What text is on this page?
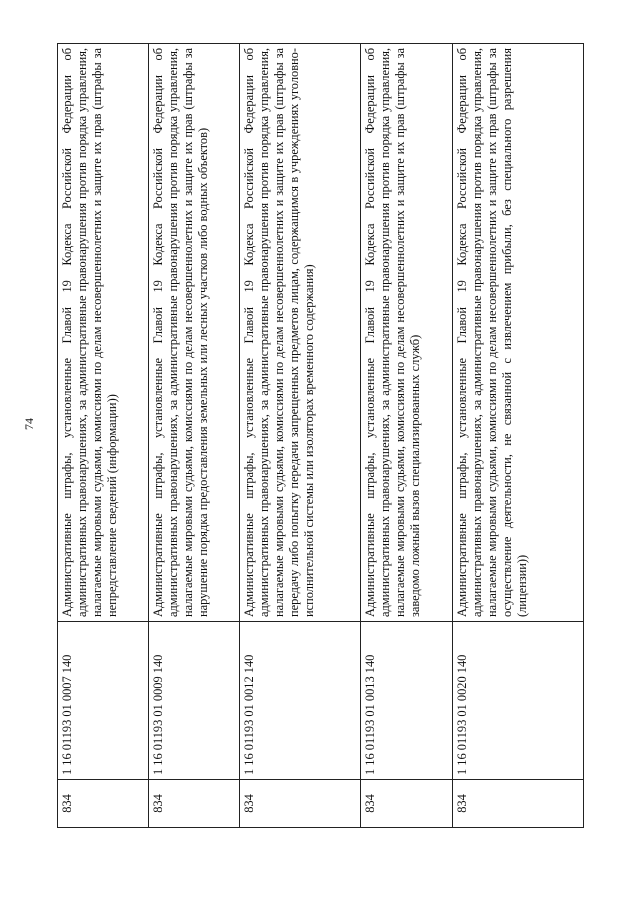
74
834	1 16 01193 01 0007 140	Административные штрафы, установленные Главой 19 Кодекса Российской Федерации об административных правонарушениях, за административные правонарушения против порядка управления, налагаемые мировыми судьями, комиссиями по делам несовершеннолетних и защите их прав (штрафы за непредставление сведений (информации))
834	1 16 01193 01 0009 140	Административные штрафы, установленные Главой 19 Кодекса Российской Федерации об административных правонарушениях, за административные правонарушения против порядка управления, налагаемые мировыми судьями, комиссиями по делам несовершеннолетних и защите их прав (штрафы за нарушение порядка предоставления земельных или лесных участков либо водных объектов)
834	1 16 01193 01 0012 140	Административные штрафы, установленные Главой 19 Кодекса Российской Федерации об административных правонарушениях, за административные правонарушения против порядка управления, налагаемые мировыми судьями, комиссиями по делам несовершеннолетних и защите их прав (штрафы за передачу либо попытку передачи запрещенных предметов лицам, содержащимся в учреждениях уголовно-исполнительной системы или изоляторах временного содержания)
834	1 16 01193 01 0013 140	Административные штрафы, установленные Главой 19 Кодекса Российской Федерации об административных правонарушениях, за административные правонарушения против порядка управления, налагаемые мировыми судьями, комиссиями по делам несовершеннолетних и защите их прав (штрафы за заведомо ложный вызов специализированных служб)
834	1 16 01193 01 0020 140	Административные штрафы, установленные Главой 19 Кодекса Российской Федерации об административных правонарушениях, за административные правонарушения против порядка управления, налагаемые мировыми судьями, комиссиями по делам несовершеннолетних и защите их прав (штрафы за осуществление деятельности, не связанной с извлечением прибыли, без специального разрешения (лицензии))
